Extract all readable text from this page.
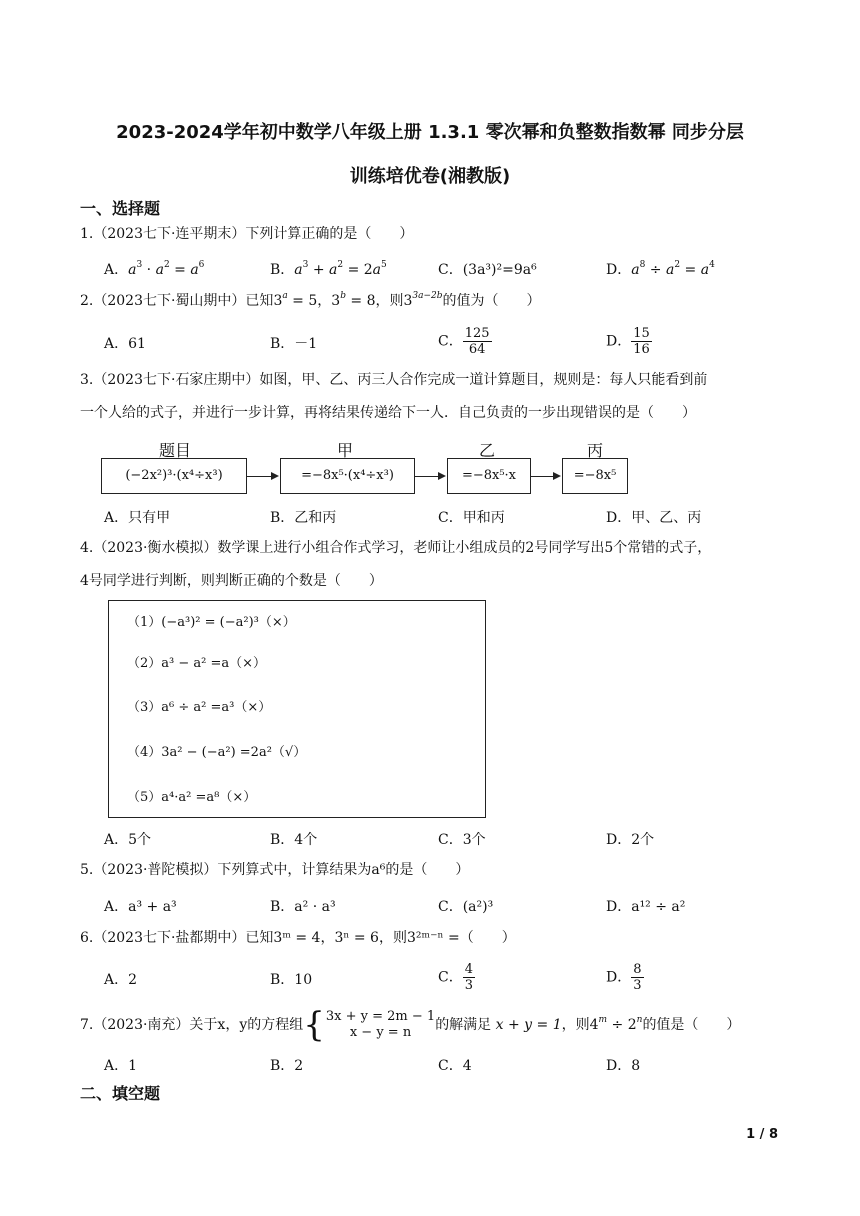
2023-2024学年初中数学八年级上册 1.3.1 零次幂和负整数指数幂 同步分层
训练培优卷(湘教版)
一、选择题
1.（2023七下·连平期末）下列计算正确的是（　　）
A．$a^3 \cdot a^2 = a^6$	B．$a^3 + a^2 = 2a^5$	C．(3a³)²=9a⁶	D．$a^8 \div a^2 = a^4$
2.（2023七下·蜀山期中）已知$3^a = 5$，$3^b = 8$，则$3^{3a-2b}$的值为（　　）
A．61	B．－1	C． $\frac{125}{64}$	D． $\frac{15}{16}$
3.（2023七下·石家庄期中）如图，甲、乙、丙三人合作完成一道计算题目，规则是：每人只能看到前
一个人给的式子，并进行一步计算，再将结果传递给下一人．自己负责的一步出现错误的是（　　）
题目	甲	乙	丙
(−2x²)³·(x⁴÷x³)	=−8x⁵·(x⁴÷x³)	=−8x⁵·x	=−8x⁵
A．只有甲	B．乙和丙	C．甲和丙	D．甲、乙、丙
4.（2023·衡水模拟）数学课上进行小组合作式学习，老师让小组成员的2号同学写出5个常错的式子，
4号同学进行判断，则判断正确的个数是（　　）
（1）(−a³)² = (−a²)³（×）
（2）a³ − a² =a（×）
（3）a⁶ ÷ a² =a³（×）
（4）3a² − (−a²) =2a²（√）
（5）a⁴·a² =a⁸（×）
A．5个	B．4个	C．3个	D．2个
5.（2023·普陀模拟）下列算式中，计算结果为a⁶的是（　　）
A．a³ + a³	B．a² · a³	C．(a²)³	D．a¹² ÷ a²
6.（2023七下·盐都期中）已知3ᵐ = 4，3ⁿ = 6，则3²ᵐ⁻ⁿ =（　　）
A．2	B．10	C． $\frac{4}{3}$	D． $\frac{8}{3}$
7.（2023·南充）关于x，y的方程组{ 3x + y = 2m − 1
x − y = n	的解满足 x + y = 1，则$4^m \div 2^n$的值是（　　）
A．1	B．2	C．4	D．8
二、填空题
1 / 8
